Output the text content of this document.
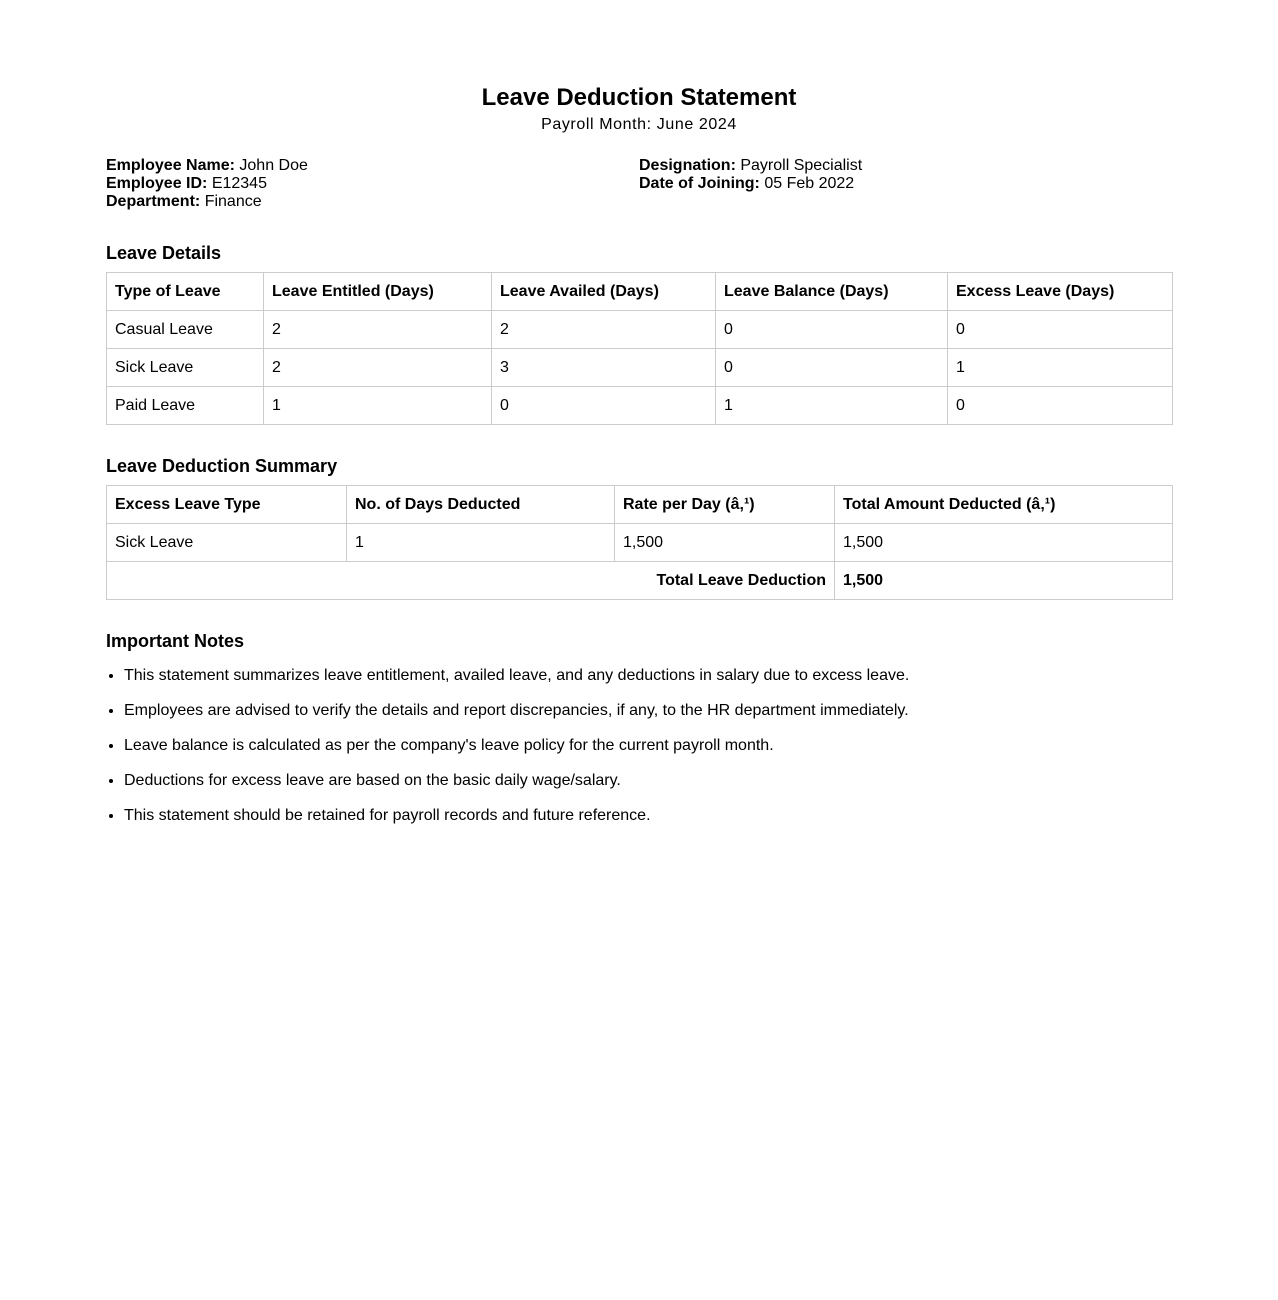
Leave Deduction Statement

Payroll Month: June 2024

Employee Name: John Doe
Employee ID: E12345
Department: Finance
Designation: Payroll Specialist
Date of Joining: 05 Feb 2022
Leave Details
Type of Leave	Leave Entitled (Days)	Leave Availed (Days)	Leave Balance (Days)	Excess Leave (Days)
Casual Leave	2	2	0	0
Sick Leave	2	3	0	1
Paid Leave	1	0	1	0
Leave Deduction Summary
Excess Leave Type	No. of Days Deducted	Rate per Day (â‚¹)	Total Amount Deducted (â‚¹)
Sick Leave	1	1,500	1,500
Total Leave Deduction			1,500
Important Notes
• This statement summarizes leave entitlement, availed leave, and any deductions in salary due to excess leave.
• Employees are advised to verify the details and report discrepancies, if any, to the HR department immediately.
• Leave balance is calculated as per the company's leave policy for the current payroll month.
• Deductions for excess leave are based on the basic daily wage/salary.
• This statement should be retained for payroll records and future reference.
